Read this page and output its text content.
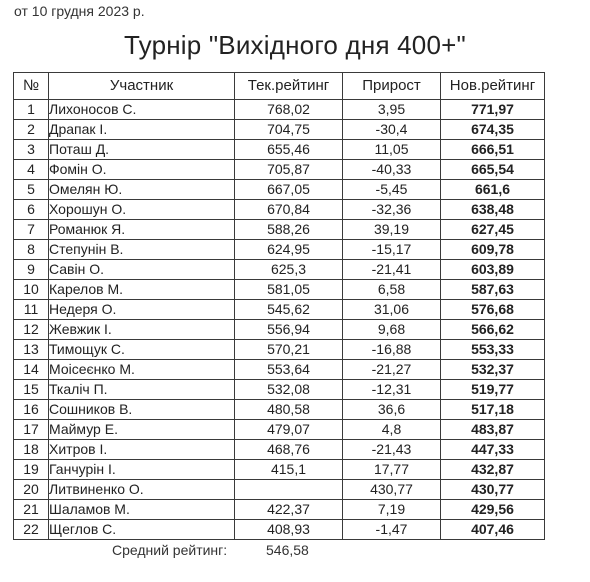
от 10 грудня 2023 р.
Турнір "Вихідного дня 400+"
№	Участник	Тек.рейтинг	Прирост	Нов.рейтинг
1	Лихоносов С.	768,02	3,95	771,97
2	Драпак І.	704,75	-30,4	674,35
3	Поташ Д.	655,46	11,05	666,51
4	Фомін О.	705,87	-40,33	665,54
5	Омелян Ю.	667,05	-5,45	661,6
6	Хорошун О.	670,84	-32,36	638,48
7	Романюк Я.	588,26	39,19	627,45
8	Степунін В.	624,95	-15,17	609,78
9	Савін О.	625,3	-21,41	603,89
10	Карелов М.	581,05	6,58	587,63
11	Недеря О.	545,62	31,06	576,68
12	Жевжик І.	556,94	9,68	566,62
13	Тимощук С.	570,21	-16,88	553,33
14	Моісеєнко М.	553,64	-21,27	532,37
15	Ткаліч П.	532,08	-12,31	519,77
16	Сошников В.	480,58	36,6	517,18
17	Маймур Е.	479,07	4,8	483,87
18	Хитров І.	468,76	-21,43	447,33
19	Ганчурін І.	415,1	17,77	432,87
20	Литвиненко О.		430,77	430,77
21	Шаламов М.	422,37	7,19	429,56
22	Щеглов С.	408,93	-1,47	407,46
Средний рейтинг:	546,58
